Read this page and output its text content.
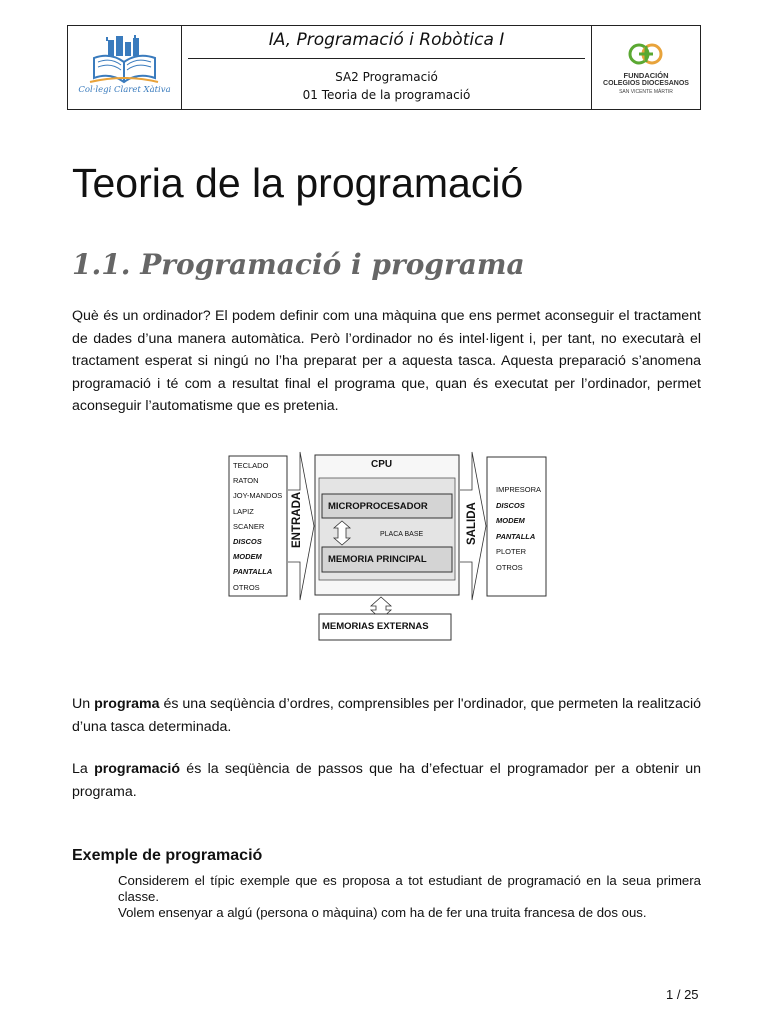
Col·legi Claret Xàtiva
IA, Programació i Robòtica I
SA2 Programació
01 Teoria de la programació
FUNDACIÓN
COLEGIOS DIOCESANOS
SAN VICENTE MÁRTIR
Teoria de la programació
1.1. Programació i programa

Què és un ordinador? El podem definir com una màquina que ens permet aconseguir el tractament de dades d’una manera automàtica. Però l’ordinador no és intel·ligent i, per tant, no executarà el tractament esperat si ningú no l’ha preparat per a aquesta tasca. Aquesta preparació s’anomena programació i té com a resultat final el programa que, quan és executat per l’ordinador, permet aconseguir l’automatisme que es pretenia.

CPU
MICROPROCESADOR
PLACA BASE
MEMORIA PRINCIPAL
MEMORIAS EXTERNAS
ENTRADA	SALIDA
TECLADO
RATON
JOY-MANDOS
LAPIZ
SCANER
DISCOS
MODEM
PANTALLA
OTROS
IMPRESORA
DISCOS
MODEM
PANTALLA
PLOTER
OTROS

Un programa és una seqüència d’ordres, comprensibles per l'ordinador, que permeten la realització d’una tasca determinada.

La programació és la seqüència de passos que ha d’efectuar el programador per a obtenir un programa.

Exemple de programació

Considerem el típic exemple que es proposa a tot estudiant de programació en la seua primera classe.

Volem ensenyar a algú (persona o màquina) com ha de fer una truita francesa de dos ous.

1 / 25
